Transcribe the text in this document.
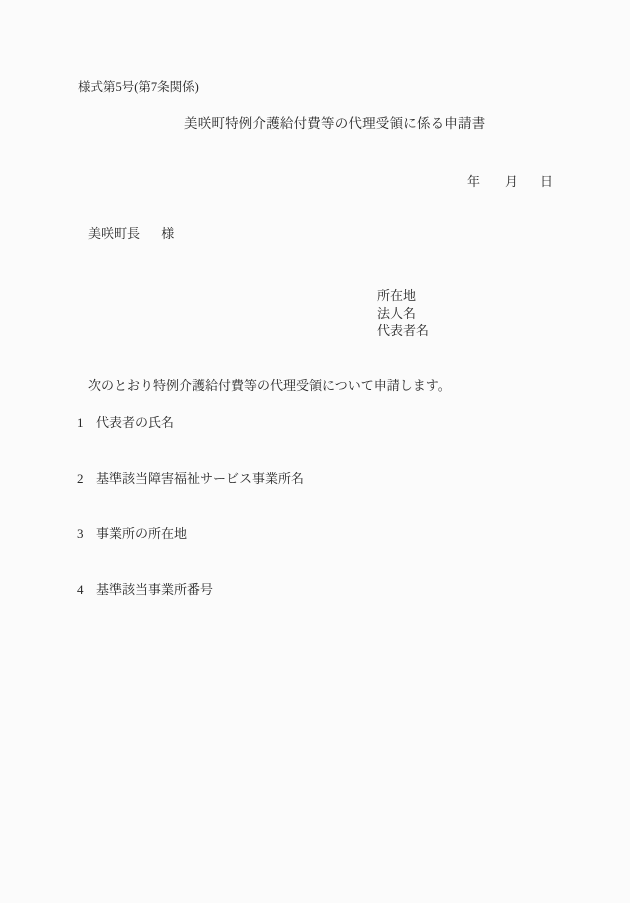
様式第5号(第7条関係)
美咲町特例介護給付費等の代理受領に係る申請書
年 月 日
美咲町長 様
所在地
法人名
代表者名
次のとおり特例介護給付費等の代理受領について申請します。
1 代表者の氏名
2 基準該当障害福祉サービス事業所名
3 事業所の所在地
4 基準該当事業所番号
